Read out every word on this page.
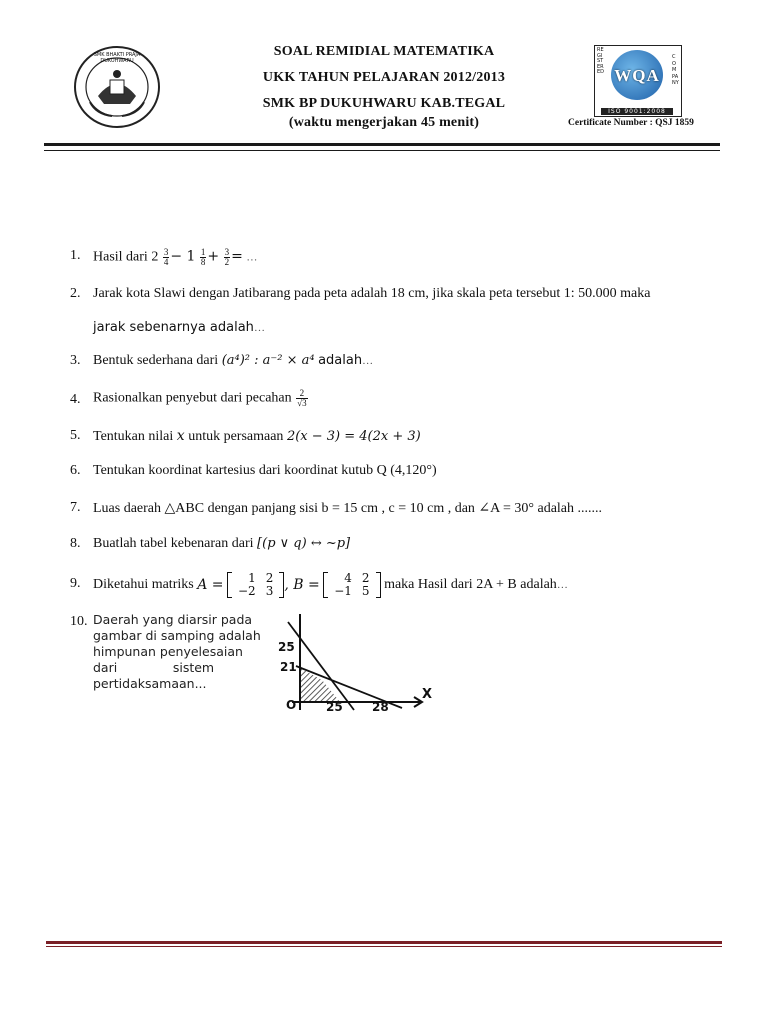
SMK BHAKTI PRAJA DUKUHWARU
SOAL REMIDIAL MATEMATIKA
UKK TAHUN PELAJARAN 2012/2013
SMK BP DUKUHWARU KAB.TEGAL
(waktu mengerjakan 45 menit)
WQA
REGISTERED
COMPANY
ISO 9001:2008
Certificate Number : QSJ 1859
1. Hasil dari $2 \frac{3}{4} - 1 \frac{1}{8} + \frac{3}{2}$ = …
2. Jarak kota Slawi dengan Jatibarang pada peta adalah 18 cm, jika skala peta tersebut 1: 50.000 maka
jarak sebenarnya adalah…
3. Bentuk sederhana dari (a⁴)² : a⁻² × a⁴ adalah…
4. Rasionalkan penyebut dari pecahan $\frac{2}{√3}$
5. Tentukan nilai x untuk persamaan 2(x − 3) = 4(2x + 3)
6. Tentukan koordinat kartesius dari koordinat kutub Q (4,120°)
7. Luas daerah △ABC dengan panjang sisi b = 15 cm , c = 10 cm , dan ∠A = 30° adalah .......
8. Buatlah tabel kebenaran dari [(p ∨ q) ↔ ~p]
9. Diketahui matriks
A =
1	2
−2	3 , B =
4	2
−1	5
maka Hasil dari 2A + B adalah …
10. Daerah yang diarsir pada
gambar di samping adalah
himpunan penyelesaian
dari              sistem
pertidaksamaan...
25
21
O 25 28
X
